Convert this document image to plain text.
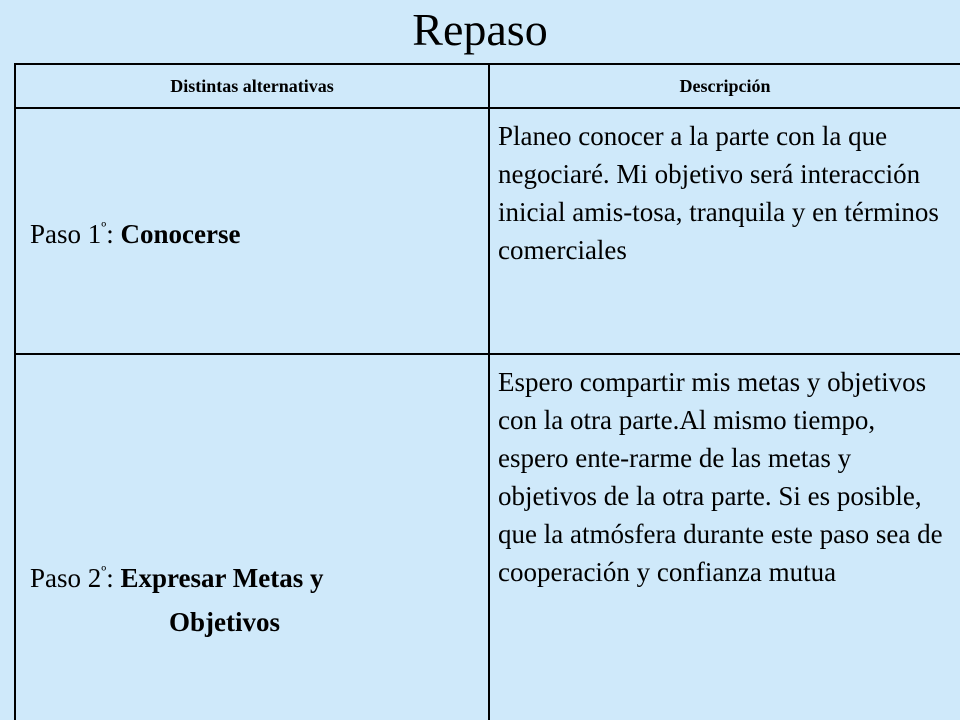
Repaso
Distintas alternativas	Descripción
Paso $1^º$: Conocerse	Planeo conocer a la parte con la que negociaré. Mi objetivo será interacción inicial amis-tosa, tranquila y en términos comerciales

Paso $2^º$: Expresar Metas y
Objetivos	Espero compartir mis metas y objetivos con la otra parte.Al mismo tiempo, espero ente-rarme de las metas y objetivos de la otra parte. Si es posible, que la atmósfera durante este paso sea de cooperación y confianza mutua
